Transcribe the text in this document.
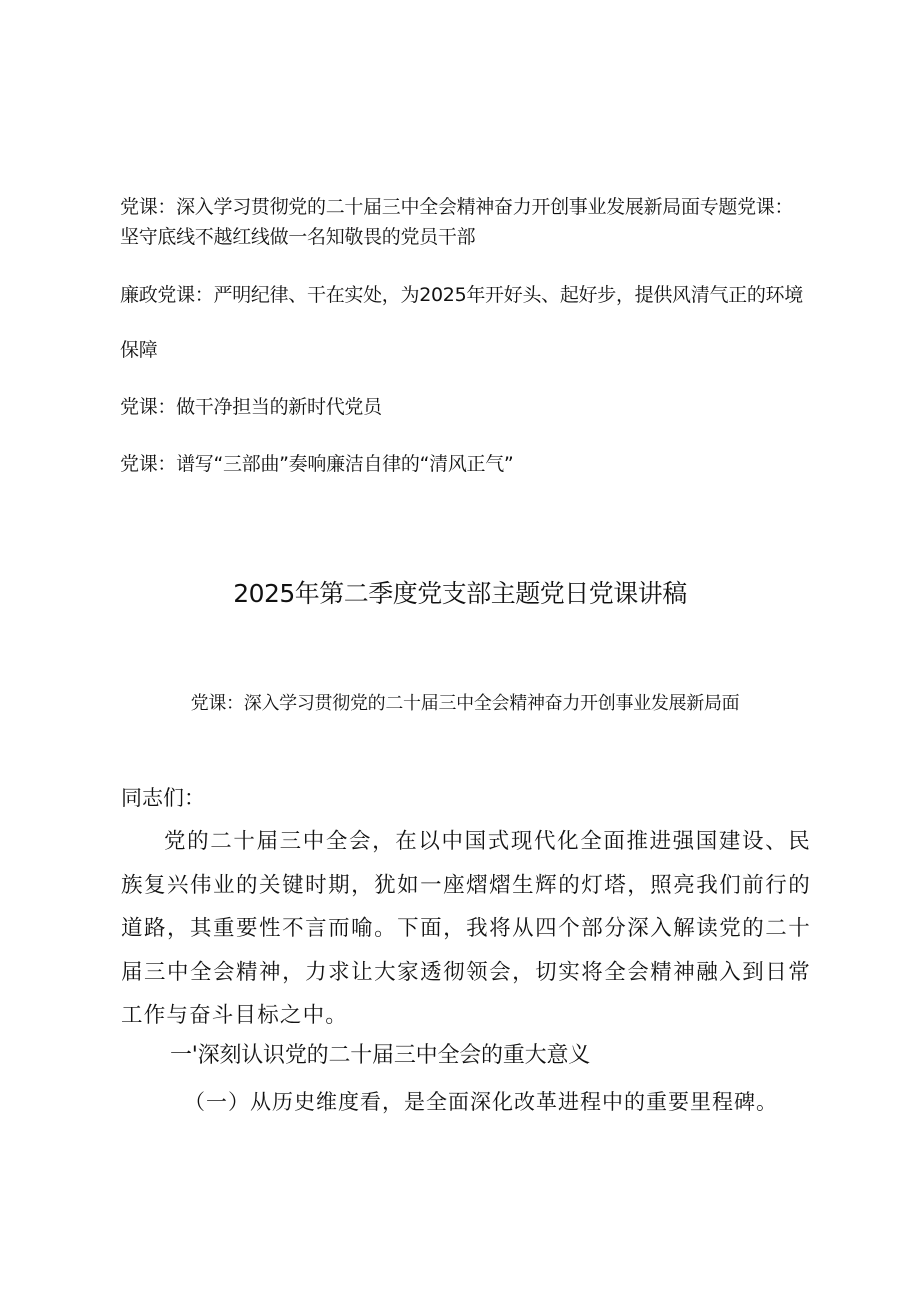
党课：深入学习贯彻党的二十届三中全会精神奋力开创事业发展新局面专题党课：坚守底线不越红线做一名知敬畏的党员干部
廉政党课：严明纪律、干在实处，为2025年开好头、起好步，提供风清气正的环境
保障
党课：做干净担当的新时代党员
党课：谱写“三部曲”奏响廉洁自律的“清风正气”
2025年第二季度党支部主题党日党课讲稿
党课：深入学习贯彻党的二十届三中全会精神奋力开创事业发展新局面
同志们：
党的二十届三中全会，在以中国式现代化全面推进强国建设、民族复兴伟业的关键时期，犹如一座熠熠生辉的灯塔，照亮我们前行的道路，其重要性不言而喻。下面，我将从四个部分深入解读党的二十届三中全会精神，力求让大家透彻领会，切实将全会精神融入到日常工作与奋斗目标之中。
一'深刻认识党的二十届三中全会的重大意义
（一）从历史维度看，是全面深化改革进程中的重要里程碑。
